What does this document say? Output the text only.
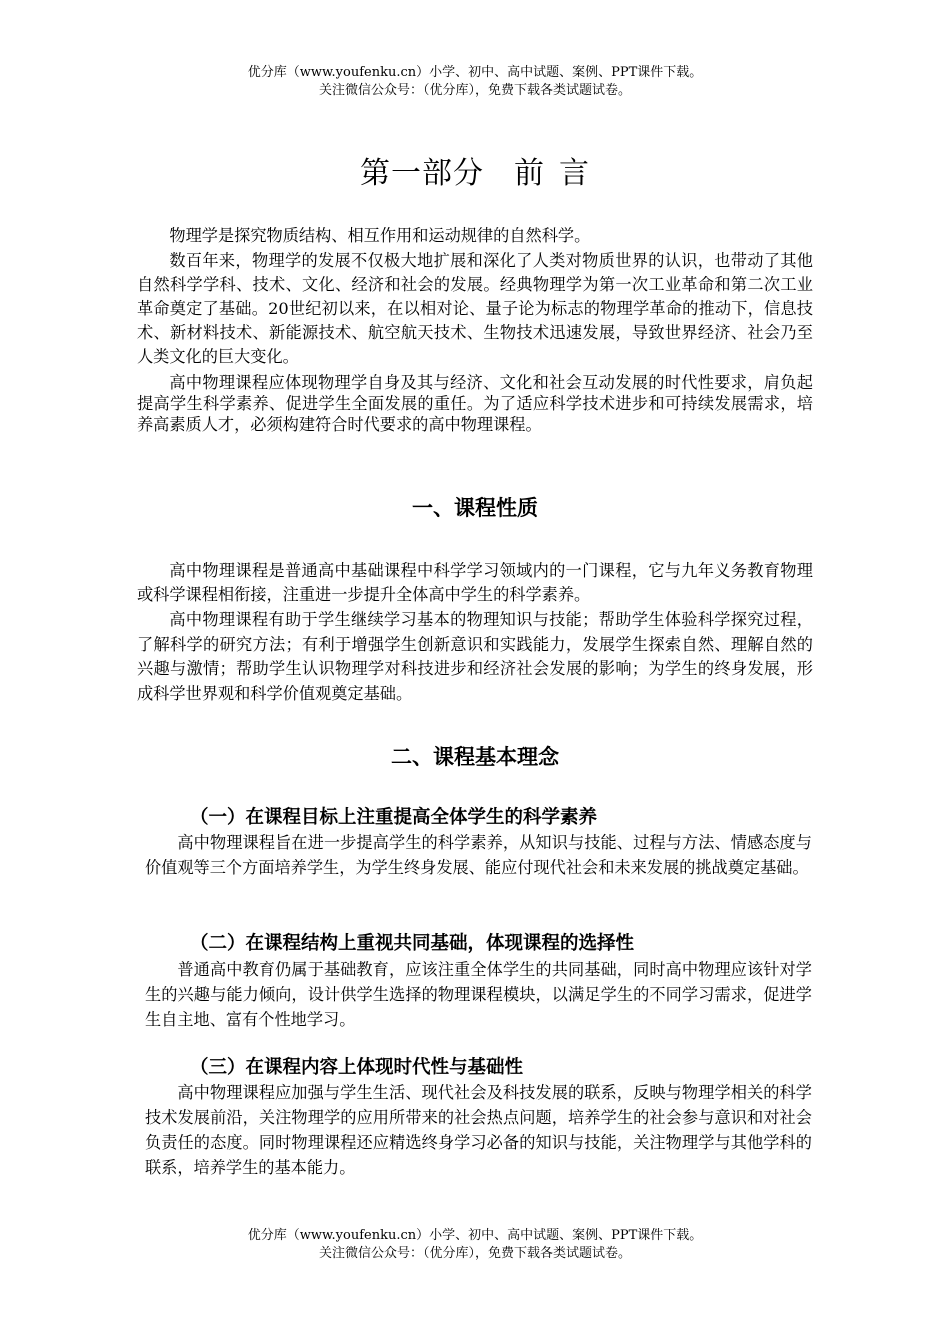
优分库（www.youfenku.cn）小学、初中、高中试题、案例、PPT课件下载。
关注微信公众号：（优分库），免费下载各类试题试卷。
第一部分 前 言

物理学是探究物质结构、相互作用和运动规律的自然科学。

数百年来，物理学的发展不仅极大地扩展和深化了人类对物质世界的认识，也带动了其他自然科学学科、技术、文化、经济和社会的发展。经典物理学为第一次工业革命和第二次工业革命奠定了基础。20世纪初以来，在以相对论、量子论为标志的物理学革命的推动下，信息技术、新材料技术、新能源技术、航空航天技术、生物技术迅速发展，导致世界经济、社会乃至人类文化的巨大变化。

高中物理课程应体现物理学自身及其与经济、文化和社会互动发展的时代性要求，肩负起提高学生科学素养、促进学生全面发展的重任。为了适应科学技术进步和可持续发展需求，培养高素质人才，必须构建符合时代要求的高中物理课程。

一、课程性质

高中物理课程是普通高中基础课程中科学学习领域内的一门课程，它与九年义务教育物理或科学课程相衔接，注重进一步提升全体高中学生的科学素养。

高中物理课程有助于学生继续学习基本的物理知识与技能；帮助学生体验科学探究过程，了解科学的研究方法；有利于增强学生创新意识和实践能力，发展学生探索自然、理解自然的兴趣与激情；帮助学生认识物理学对科技进步和经济社会发展的影响；为学生的终身发展，形成科学世界观和科学价值观奠定基础。

二、课程基本理念
（一）在课程目标上注重提高全体学生的科学素养

高中物理课程旨在进一步提高学生的科学素养，从知识与技能、过程与方法、情感态度与价值观等三个方面培养学生，为学生终身发展、能应付现代社会和未来发展的挑战奠定基础。

（二）在课程结构上重视共同基础，体现课程的选择性

普通高中教育仍属于基础教育，应该注重全体学生的共同基础，同时高中物理应该针对学生的兴趣与能力倾向，设计供学生选择的物理课程模块，以满足学生的不同学习需求，促进学生自主地、富有个性地学习。

（三）在课程内容上体现时代性与基础性

高中物理课程应加强与学生生活、现代社会及科技发展的联系，反映与物理学相关的科学技术发展前沿，关注物理学的应用所带来的社会热点问题，培养学生的社会参与意识和对社会负责任的态度。同时物理课程还应精选终身学习必备的知识与技能，关注物理学与其他学科的联系，培养学生的基本能力。

优分库（www.youfenku.cn）小学、初中、高中试题、案例、PPT课件下载。
关注微信公众号：（优分库），免费下载各类试题试卷。
